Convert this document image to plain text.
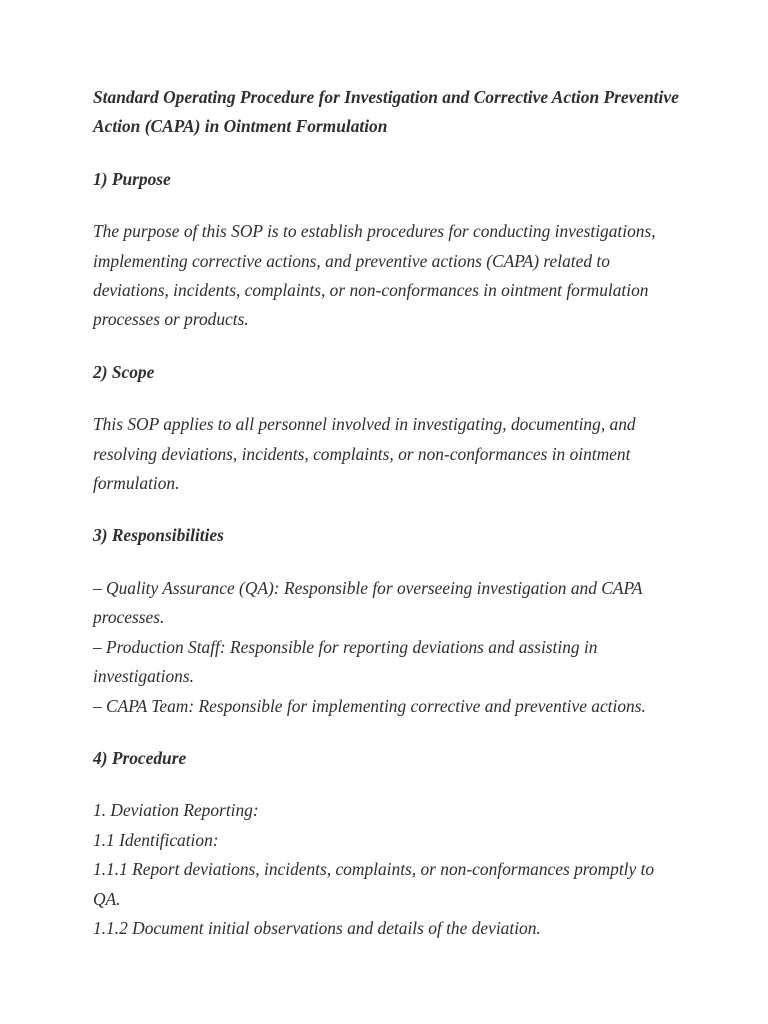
Standard Operating Procedure for Investigation and Corrective Action Preventive Action (CAPA) in Ointment Formulation

1) Purpose

The purpose of this SOP is to establish procedures for conducting investigations, implementing corrective actions, and preventive actions (CAPA) related to deviations, incidents, complaints, or non-conformances in ointment formulation processes or products.

2) Scope

This SOP applies to all personnel involved in investigating, documenting, and resolving deviations, incidents, complaints, or non-conformances in ointment formulation.

3) Responsibilities

– Quality Assurance (QA): Responsible for overseeing investigation and CAPA processes.
– Production Staff: Responsible for reporting deviations and assisting in investigations.
– CAPA Team: Responsible for implementing corrective and preventive actions.

4) Procedure

1. Deviation Reporting:
1.1 Identification:
1.1.1 Report deviations, incidents, complaints, or non-conformances promptly to QA.
1.1.2 Document initial observations and details of the deviation.
